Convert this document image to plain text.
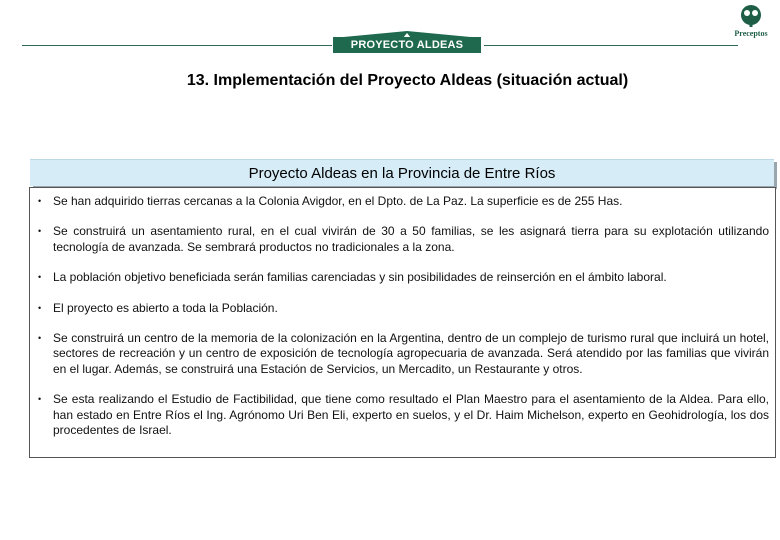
PROYECTO ALDEAS
Preceptos
13. Implementación del Proyecto Aldeas (situación actual)
Proyecto Aldeas en la Provincia de Entre Ríos
• Se han adquirido tierras cercanas a la Colonia Avigdor, en el Dpto. de La Paz. La superficie es de 255 Has.
• Se construirá un asentamiento rural, en el cual vivirán de 30 a 50 familias, se les asignará tierra para su explotación utilizando tecnología de avanzada. Se sembrará productos no tradicionales a la zona.
• La población objetivo beneficiada serán familias carenciadas y sin posibilidades de reinserción en el ámbito laboral.
• El proyecto es abierto a toda la Población.
• Se construirá un centro de la memoria de la colonización en la Argentina, dentro de un complejo de turismo rural que incluirá un hotel, sectores de recreación y un centro de exposición de tecnología agropecuaria de avanzada. Será atendido por las familias que vivirán en el lugar. Además, se construirá una Estación de Servicios, un Mercadito, un Restaurante y otros.
• Se esta realizando el Estudio de Factibilidad, que tiene como resultado el Plan Maestro para el asentamiento de la Aldea. Para ello, han estado en Entre Ríos el Ing. Agrónomo Uri Ben Eli, experto en suelos, y el Dr. Haim Michelson, experto en Geohidrología, los dos procedentes de Israel.
